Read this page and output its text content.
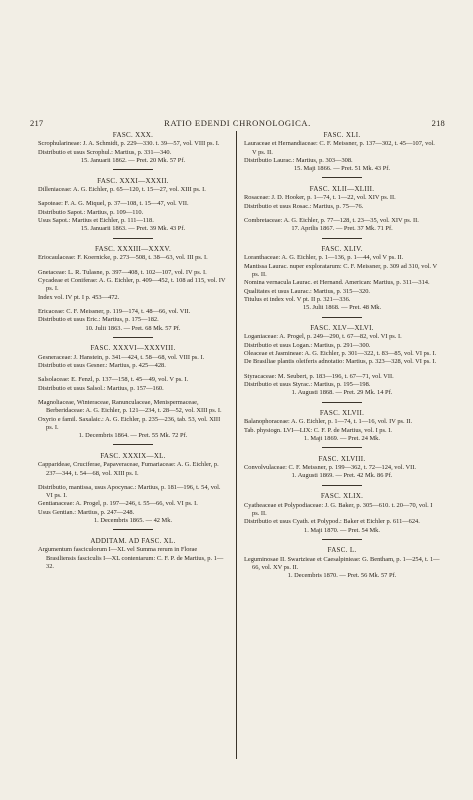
217	RATIO EDENDI CHRONOLOGICA.	218
FASC. XXX.

Scrophularineae: J. A. Schmidt, p. 229—330. t. 39—57, vol. VIII ps. I.

Distributio et usus Scrophul.: Martius, p. 331—340.

15. Januarii 1862. — Pret. 20 Mk. 57 Pf.

FASC. XXXI—XXXII.

Dilleniaceae: A. G. Eichler, p. 65—120, t. 15—27, vol. XIII ps. I.

Sapoteae: F. A. G. Miquel, p. 37—108, t. 15—47, vol. VII.

Distributio Sapot.: Martius, p. 109—110.

Usus Sapot.: Martius et Eichler, p. 111—118.

15. Januarii 1863. — Pret. 39 Mk. 43 Pf.

FASC. XXXIII—XXXV.

Eriocaulaceae: F. Koernicke, p. 273—508, t. 38—63, vol. III ps. I.

Gnetaceae: L. R. Tulasne, p. 397—408, t. 102—107, vol. IV ps. I.

Cycadeae et Coniferae: A. G. Eichler, p. 409—452, t. 108 ad 115, vol. IV ps. I.

Index vol. IV pt. I p. 453—472.

Ericaceae: C. F. Meissner, p. 119—174, t. 48—66, vol. VII.

Distributio et usus Eric.: Martius, p. 175—182.

10. Julii 1863. — Pret. 68 Mk. 57 Pf.

FASC. XXXVI—XXXVIII.

Gesneraceae: J. Hanstein, p. 341—424, t. 58—68, vol. VIII ps. I.

Distributio et usus Gesner.: Martius, p. 425—428.

Salsolaceae: E. Fenzl, p. 137—158, t. 45—49, vol. V ps. I.

Distributio et usus Salsol.: Martius, p. 157—160.

Magnoliaceae, Winteraceae, Ranunculaceae, Menispermaceae, Berberidaceae: A. G. Eichler, p. 121—234, t. 28—52, vol. XIII ps. I.

Oxyrio e famil. Saxalaic.: A. G. Eichler, p. 235—236, tab. 53, vol. XIII ps. I.

1. Decembris 1864. — Pret. 55 Mk. 72 Pf.

FASC. XXXIX—XL.

Capparideae, Cruciferae, Papaveraceae, Fumariaceae: A. G. Eichler, p. 237—344, t. 54—68, vol. XIII ps. I.

Distributio, mantissa, usus Apocynac.: Martius, p. 181—196, t. 54, vol. VI ps. I.

Gentianaceae: A. Progel, p. 197—246, t. 55—66, vol. VI ps. I.

Usus Gentian.: Martius, p. 247—248.

1. Decembris 1865. — 42 Mk.

ADDITAM. AD FASC. XL.

Argumentum fasciculorum I—XL vel Summa rerum in Florae Brasiliensis fasciculis I—XL contentarum: C. F. P. de Martius, p. 1—32.

FASC. XLI.

Lauraceae et Hernandiaceae: C. F. Meissner, p. 137—302, t. 45—107, vol. V ps. II.

Distributio Laurac.: Martius, p. 303—308.

15. Maji 1866. — Pret. 51 Mk. 43 Pf.

FASC. XLII—XLIII.

Rosaceae: J. D. Hooker, p. 1—74, t. 1—22, vol. XIV ps. II.

Distributio et usus Rosac.: Martius, p. 75—76.

Combretaceae: A. G. Eichler, p. 77—128, t. 23—35, vol. XIV ps. II.

17. Aprilis 1867. — Pret. 37 Mk. 71 Pf.

FASC. XLIV.

Loranthaceae: A. G. Eichler, p. 1—136, p. 1—44, vol V ps. II.

Mantissa Laurac. nuper exploratarum: C. F. Meissner, p. 309 ad 310, vol. V ps. II.

Nomina vernacula Laurac. et Hernand. American: Martius, p. 311—314.

Qualitates et usus Laurac.: Martius, p. 315—320.

Titulus et index vol. V pt. II p. 321—336.

15. Julii 1868. — Pret. 48 Mk.

FASC. XLV—XLVI.

Loganiaceae: A. Progel, p. 249—290, t. 67—82, vol. VI ps. I.

Distributio et usus Logan.: Martius, p. 291—300.

Oleaceae et Jasmineae: A. G. Eichler, p. 301—322, t. 83—85, vol. VI ps. I.

De Brasiliae plantis oleiferis adnotatio: Martius, p. 323—328, vol. VI ps. I.

Styracaceae: M. Seubert, p. 183—196, t. 67—71, vol. VII.

Distributio et usus Styrac.: Martius, p. 195—198.

1. Augusti 1868. — Pret. 29 Mk. 14 Pf.

FASC. XLVII.

Balanophoraceae: A. G. Eichler, p. 1—74, t. 1—16, vol. IV ps. II.

Tab. physiogn. LVI—LIX: C. F. P. de Martius, vol. I ps. I.

1. Maji 1869. — Pret. 24 Mk.

FASC. XLVIII.

Convolvulaceae: C. F. Meissner, p. 199—362, t. 72—124, vol. VII.

1. Augusti 1869. — Pret. 42 Mk. 86 Pf.

FASC. XLIX.

Cyatheaceae et Polypodiaceae: J. G. Baker, p. 305—610. t. 20—70, vol. I ps. II.

Distributio et usus Cyath. et Polypod.: Baker et Eichler p. 611—624.

1. Maji 1870. — Pret. 54 Mk.

FASC. L.

Leguminosae II. Swartzieae et Caesalpinieae: G. Bentham, p. 1—254, t. 1—66, vol. XV ps. II.

1. Decembris 1870. — Pret. 56 Mk. 57 Pf.
